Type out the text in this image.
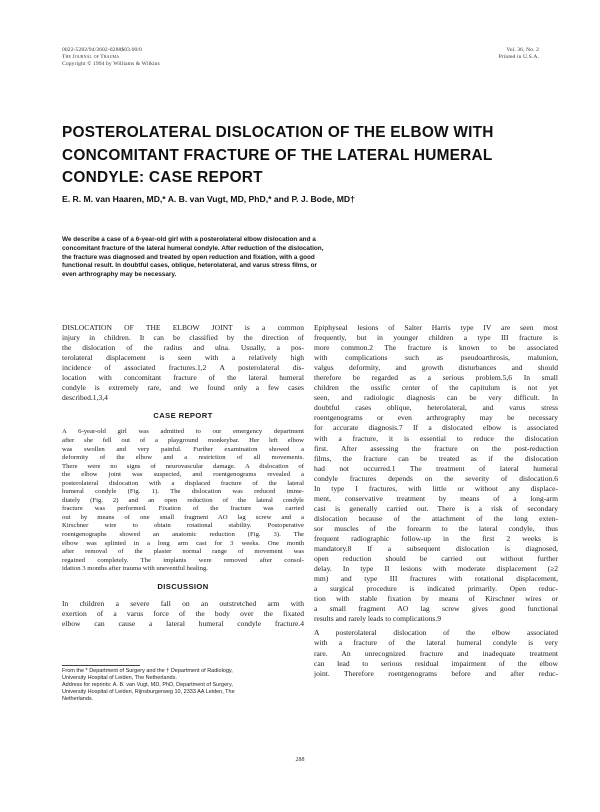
0022-5282/94/3602-0288$03.00/0
The Journal of Trauma
Copyright © 1994 by Williams & Wilkins
Vol. 36, No. 2
Printed in U.S.A.
POSTEROLATERAL DISLOCATION OF THE ELBOW WITH
CONCOMITANT FRACTURE OF THE LATERAL HUMERAL
CONDYLE: CASE REPORT
E. R. M. van Haaren, MD,* A. B. van Vugt, MD, PhD,* and P. J. Bode, MD†
We describe a case of a 6-year-old girl with a posterolateral elbow dislocation and a
concomitant fracture of the lateral humeral condyle. After reduction of the dislocation,
the fracture was diagnosed and treated by open reduction and fixation, with a good
functional result. In doubtful cases, oblique, heterolateral, and varus stress films, or
even arthrography may be necessary.
DISLOCATION OF THE ELBOW JOINT is a common
injury in children. It can be classified by the direction of
the dislocation of the radius and ulna. Usually, a pos-
terolateral displacement is seen with a relatively high
incidence of associated fractures.1,2 A posterolateral dis-
location with concomitant fracture of the lateral humeral
condyle is extremely rare, and we found only a few cases
described.1,3,4
CASE REPORT
A 6-year-old girl was admitted to our emergency department
after she fell out of a playground monkeybar. Her left elbow
was swollen and very painful. Further examination showed a
deformity of the elbow and a restriction of all movements.
There were no signs of neurovascular damage. A dislocation of
the elbow joint was suspected, and roentgenograms revealed a
posterolateral dislocation with a displaced fracture of the lateral
humeral condyle (Fig. 1). The dislocation was reduced imme-
diately (Fig. 2) and an open reduction of the lateral condyle
fracture was performed. Fixation of the fracture was carried
out by means of one small fragment AO lag screw and a
Kirschner wire to obtain rotational stability. Postoperative
roentgenographs showed an anatomic reduction (Fig. 3). The
elbow was splinted in a long arm cast for 3 weeks. One month
after removal of the plaster normal range of movement was
regained completely. The implants were removed after consol-
idation 3 months after trauma with uneventful healing.
DISCUSSION
In children a severe fall on an outstretched arm with
exertion of a varus force of the body over the fixated
elbow can cause a lateral humeral condyle fracture.4
From the * Department of Surgery and the † Department of Radiology,
University Hospital of Leiden, The Netherlands.
Address for reprints: A. B. van Vugt, MD, PhD, Department of Surgery,
University Hospital of Leiden, Rijnsburgerweg 10, 2333 AA Leiden, The
Netherlands.
Epiphyseal lesions of Salter Harris type IV are seen most
frequently, but in younger children a type III fracture is
more common.2 The fracture is known to be associated
with complications such as pseudoarthrosis, malunion,
valgus deformity, and growth disturbances and should
therefore be regarded as a serious problem.5,6 In small
children the ossific center of the capitulum is not yet
seen, and radiologic diagnosis can be very difficult. In
doubtful cases oblique, heterolateral, and varus stress
roentgenograms or even arthrography may be necessary
for accurate diagnosis.7 If a dislocated elbow is associated
with a fracture, it is essential to reduce the dislocation
first. After assessing the fracture on the post-reduction
films, the fracture can be treated as if the dislocation
had not occurred.1 The treatment of lateral humeral
condyle fractures depends on the severity of dislocation.6
In type I fractures, with little or without any displace-
ment, conservative treatment by means of a long-arm
cast is generally carried out. There is a risk of secondary
dislocation because of the attachment of the long exten-
sor muscles of the forearm to the lateral condyle, thus
frequent radiographic follow-up in the first 2 weeks is
mandatory.8 If a subsequent dislocation is diagnosed,
open reduction should be carried out without further
delay. In type II lesions with moderate displacement (≥2
mm) and type III fractures with rotational displacement,
a surgical procedure is indicated primarily. Open reduc-
tion with stable fixation by means of Kirschner wires or
a small fragment AO lag screw gives good functional
results and rarely leads to complications.9
A posterolateral dislocation of the elbow associated
with a fracture of the lateral humeral condyle is very
rare. An unrecognized fracture and inadequate treatment
can lead to serious residual impairment of the elbow
joint. Therefore roentgenograms before and after reduc-
288
